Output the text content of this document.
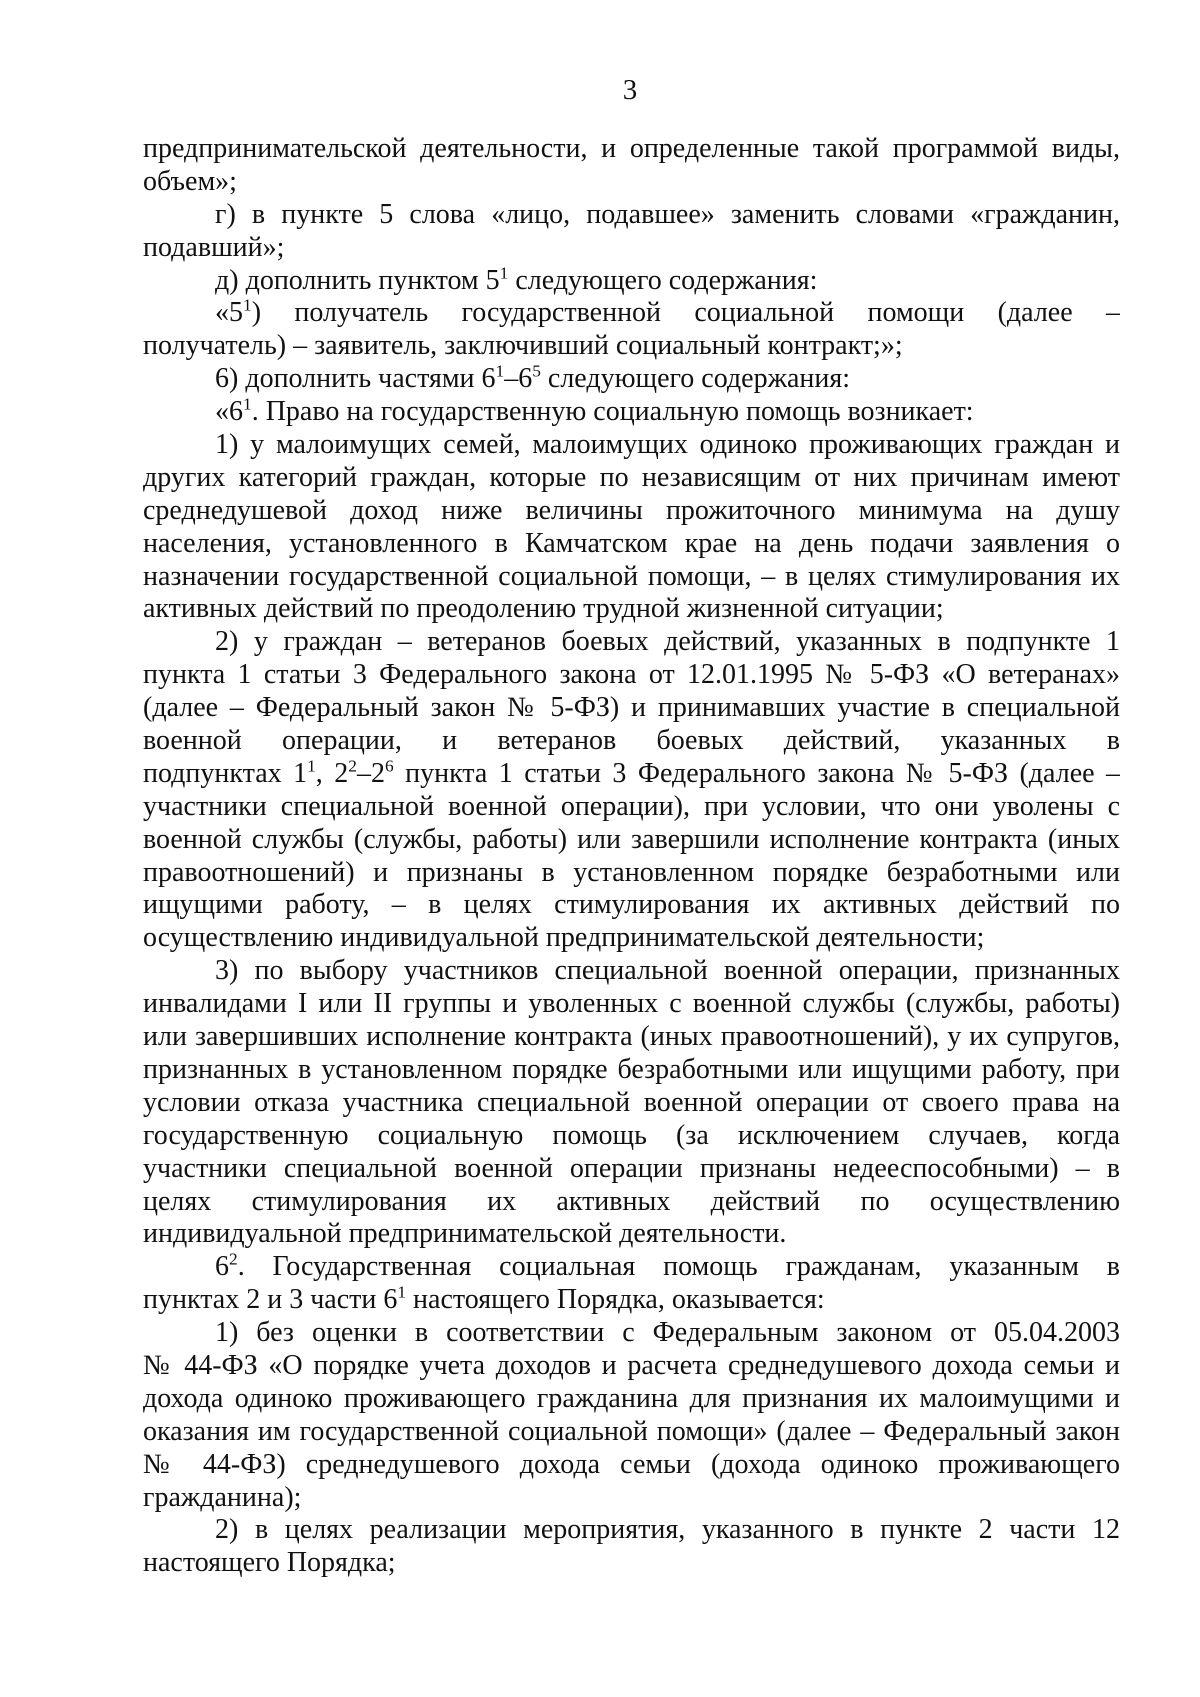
3
предпринимательской деятельности, и определенные такой программой виды,
объем»;
г) в пункте 5 слова «лицо, подавшее» заменить словами «гражданин,
подавший»;
д) дополнить пунктом $5^1$ следующего содержания:
«$5^1$) получатель государственной социальной помощи (далее –
получатель) – заявитель, заключивший социальный контракт;»;
6) дополнить частями $6^1-6^5$ следующего содержания:
«$6^1$. Право на государственную социальную помощь возникает:
1) у малоимущих семей, малоимущих одиноко проживающих граждан и
других категорий граждан, которые по независящим от них причинам имеют
среднедушевой доход ниже величины прожиточного минимума на душу
населения, установленного в Камчатском крае на день подачи заявления о
назначении государственной социальной помощи, – в целях стимулирования их
активных действий по преодолению трудной жизненной ситуации;
2) у граждан – ветеранов боевых действий, указанных в подпункте 1
пункта 1 статьи 3 Федерального закона от 12.01.1995 № 5-ФЗ «О ветеранах»
(далее – Федеральный закон № 5-ФЗ) и принимавших участие в специальной
военной операции, и ветеранов боевых действий, указанных в
подпунктах $1^1$, $2^2-2^6$ пункта 1 статьи 3 Федерального закона № 5-ФЗ (далее –
участники специальной военной операции), при условии, что они уволены с
военной службы (службы, работы) или завершили исполнение контракта (иных
правоотношений) и признаны в установленном порядке безработными или
ищущими работу, – в целях стимулирования их активных действий по
осуществлению индивидуальной предпринимательской деятельности;
3) по выбору участников специальной военной операции, признанных
инвалидами I или II группы и уволенных с военной службы (службы, работы)
или завершивших исполнение контракта (иных правоотношений), у их супругов,
признанных в установленном порядке безработными или ищущими работу, при
условии отказа участника специальной военной операции от своего права на
государственную социальную помощь (за исключением случаев, когда
участники специальной военной операции признаны недееспособными) – в
целях стимулирования их активных действий по осуществлению
индивидуальной предпринимательской деятельности.
$6^2$. Государственная социальная помощь гражданам, указанным в
пунктах 2 и 3 части $6^1$ настоящего Порядка, оказывается:
1) без оценки в соответствии с Федеральным законом от 05.04.2003
№ 44-ФЗ «О порядке учета доходов и расчета среднедушевого дохода семьи и
дохода одиноко проживающего гражданина для признания их малоимущими и
оказания им государственной социальной помощи» (далее – Федеральный закон
№ 44-ФЗ) среднедушевого дохода семьи (дохода одиноко проживающего
гражданина);
2) в целях реализации мероприятия, указанного в пункте 2 части 12
настоящего Порядка;
